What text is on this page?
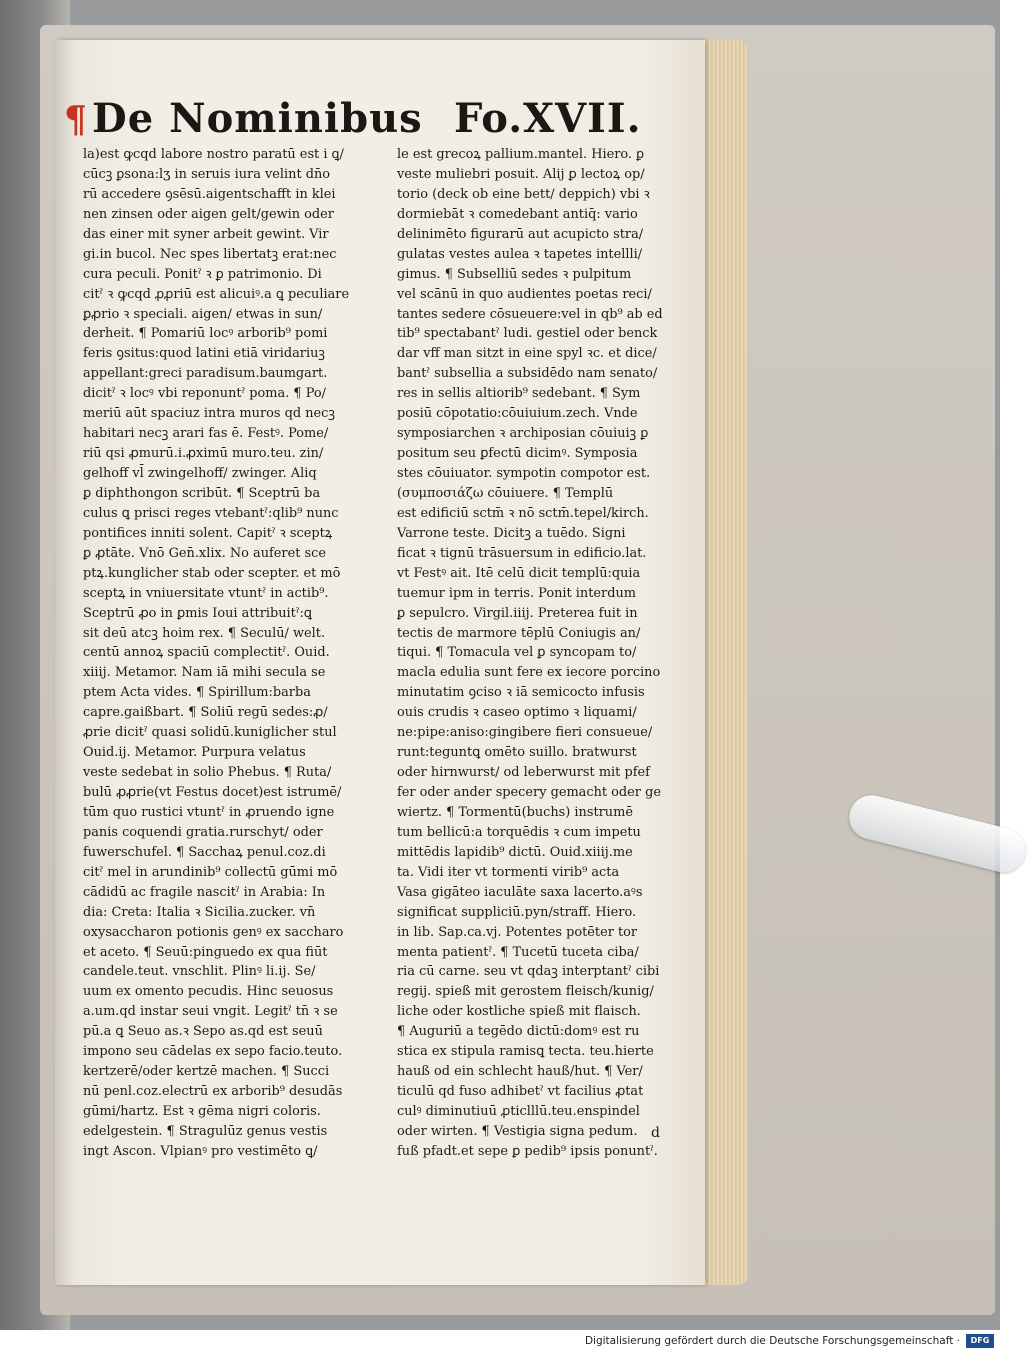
¶ De Nominibus Fo.XVII.
la)est ꝙcqd labore nostro paratū est i ꝗ/
cūcꝫ ꝑsona:lʒ in seruis iura velint dn̄o
rū accedere ꝯsēsū.aigentschafft in klei
nen zinsen oder aigen gelt/gewin oder
das einer mit syner arbeit gewint. Vir
gi.in bucol. Nec spes libertatꝫ erat:nec
cura peculi. Ponitˀ ꝛ ꝑ patrimonio. Di
citˀ ꝛ ꝙcqd ꝓꝓriū est alicuiꝰ.a ꝗ peculiare
ꝑꝓrio ꝛ speciali. aigen/ etwas in sun/
derheit. ¶ Pomariū locꝰ arborib⁹ pomi
feris ꝯsitus:quod latini etiā viridariuꝫ
appellant:greci paradisum.baumgart.
dicitˀ ꝛ locꝰ vbi reponuntˀ poma. ¶ Po/
meriū aūt spaciuz intra muros qd necꝫ
habitari necꝫ arari fas ē. Festꝰ. Pome/
riū qsi ꝓmurū.i.ꝓximū muro.teu. zin/
gelhoff vl̄ zwingelhoff/ zwinger. Aliq
ꝑ diphthongon scribūt. ¶ Sceptrū ba
culus ꝗ prisci reges vtebantˀ:qlib⁹ nunc
pontifices inniti solent. Capitˀ ꝛ sceptꝝ
ꝑ ꝓtāte. Vnō Gen̄.xlix. No auferet sce
ptꝝ.kunglicher stab oder scepter. et mō
sceptꝝ in vniuersitate vtuntˀ in actib⁹.
Sceptrū ꝓo in ꝑmis Ioui attribuitˀ:ꝗ
sit deū atcꝫ hoim rex. ¶ Seculū/ welt.
centū annoꝝ spaciū complectitˀ. Ouid.
xiiij. Metamor. Nam iā mihi secula se
ptem Acta vides. ¶ Spirillum:barba
capre.gaißbart. ¶ Soliū regū sedes:ꝓ/
ꝓrie dicitˀ quasi solidū.kuniglicher stul
Ouid.ij. Metamor. Purpura velatus
veste sedebat in solio Phebus. ¶ Ruta/
bulū ꝓꝓrie(vt Festus docet)est istrumē/
tūm quo rustici vtuntˀ in ꝓruendo igne
panis coquendi gratia.rurschyt/ oder
fuwerschufel. ¶ Sacchaꝝ penul.coz.di
citˀ mel in arundinib⁹ collectū gūmi mō
cādidū ac fragile nascitˀ in Arabia: In
dia: Creta: Italia ꝛ Sicilia.zucker. vn̄
oxysaccharon potionis genꝰ ex saccharo
et aceto. ¶ Seuū:pinguedo ex qua fiūt
candele.teut. vnschlit. Plinꝰ li.ij. Se/
uum ex omento pecudis. Hinc seuosus
a.um.qd instar seui vngit. Legitˀ tn̄ ꝛ se
pū.a ꝗ Seuo as.ꝛ Sepo as.qd est seuū
impono seu cādelas ex sepo facio.teuto.
kertzerē/oder kertzē machen. ¶ Succi
nū penl.coz.electrū ex arborib⁹ desudās
gūmi/hartz. Est ꝛ gēma nigri coloris.
edelgestein. ¶ Stragulūz genus vestis
ingt Ascon. Vlpianꝰ pro vestimēto ꝗ/
le est grecoꝝ pallium.mantel. Hiero. ꝑ
veste muliebri posuit. Alij ꝑ lectoꝝ op/
torio (deck ob eine bett/ deppich) vbi ꝛ
dormiebāt ꝛ comedebant antiq̄: vario
delinimēto figurarū aut acupicto stra/
gulatas vestes aulea ꝛ tapetes intellli/
gimus. ¶ Subselliū sedes ꝛ pulpitum
vel scānū in quo audientes poetas reci/
tantes sedere cōsueuere:vel in qb⁹ ab ed
tib⁹ spectabantˀ ludi. gestiel oder benck
dar vff man sitzt in eine spyl ꝛc. et dice/
bantˀ subsellia a subsidēdo nam senato/
res in sellis altiorib⁹ sedebant. ¶ Sym
posiū cōpotatio:cōuiuium.zech. Vnde
symposiarchen ꝛ archiposian cōuiuiꝫ ꝑ
positum seu ꝑfectū dicimꝰ. Symposia
stes cōuiuator. sympotin compotor est.
(συμποσιάζω cōuiuere. ¶ Templū
est edificiū sctm̄ ꝛ nō sctm̄.tepel/kirch.
Varrone teste. Dicitꝫ a tuēdo. Signi
ficat ꝛ tignū trāsuersum in edificio.lat.
vt Festꝰ ait. Itē celū dicit templū:quia
tuemur ipm in terris. Ponit interdum
ꝑ sepulcro. Virgil.iiij. Preterea fuit in
tectis de marmore tēplū Coniugis an/
tiqui. ¶ Tomacula vel ꝑ syncopam to/
macla edulia sunt fere ex iecore porcino
minutatim ꝯciso ꝛ iā semicocto infusis
ouis crudis ꝛ caseo optimo ꝛ liquami/
ne:pipe:aniso:gingibere fieri consueue/
runt:teguntꝗ omēto suillo. bratwurst
oder hirnwurst/ od leberwurst mit pfef
fer oder ander specery gemacht oder ge
wiertz. ¶ Tormentū(buchs) instrumē
tum bellicū:a torquēdis ꝛ cum impetu
mittēdis lapidib⁹ dictū. Ouid.xiiij.me
ta. Vidi iter vt tormenti virib⁹ acta
Vasa gigāteo iaculāte saxa lacerto.aꝰs
significat suppliciū.pyn/straff. Hiero.
in lib. Sap.ca.vj. Potentes potēter tor
menta patientˀ. ¶ Tucetū tuceta ciba/
ria cū carne. seu vt qdaꝫ interptantˀ cibi
regij. spieß mit gerostem fleisch/kunig/
liche oder kostliche spieß mit flaisch.
¶ Auguriū a tegēdo dictū:domꝰ est ru
stica ex stipula ramisꝗ tecta. teu.hierte
hauß od ein schlecht hauß/hut. ¶ Ver/
ticulū qd fuso adhibetˀ vt facilius ꝓtat
culꝰ diminutiuū ꝓticlllū.teu.enspindel
oder wirten. ¶ Vestigia signa pedum.
fuß pfadt.et sepe ꝑ pedib⁹ ipsis ponuntˀ.
d
Digitalisierung gefördert durch die Deutsche Forschungsgemeinschaft ·	DFG
